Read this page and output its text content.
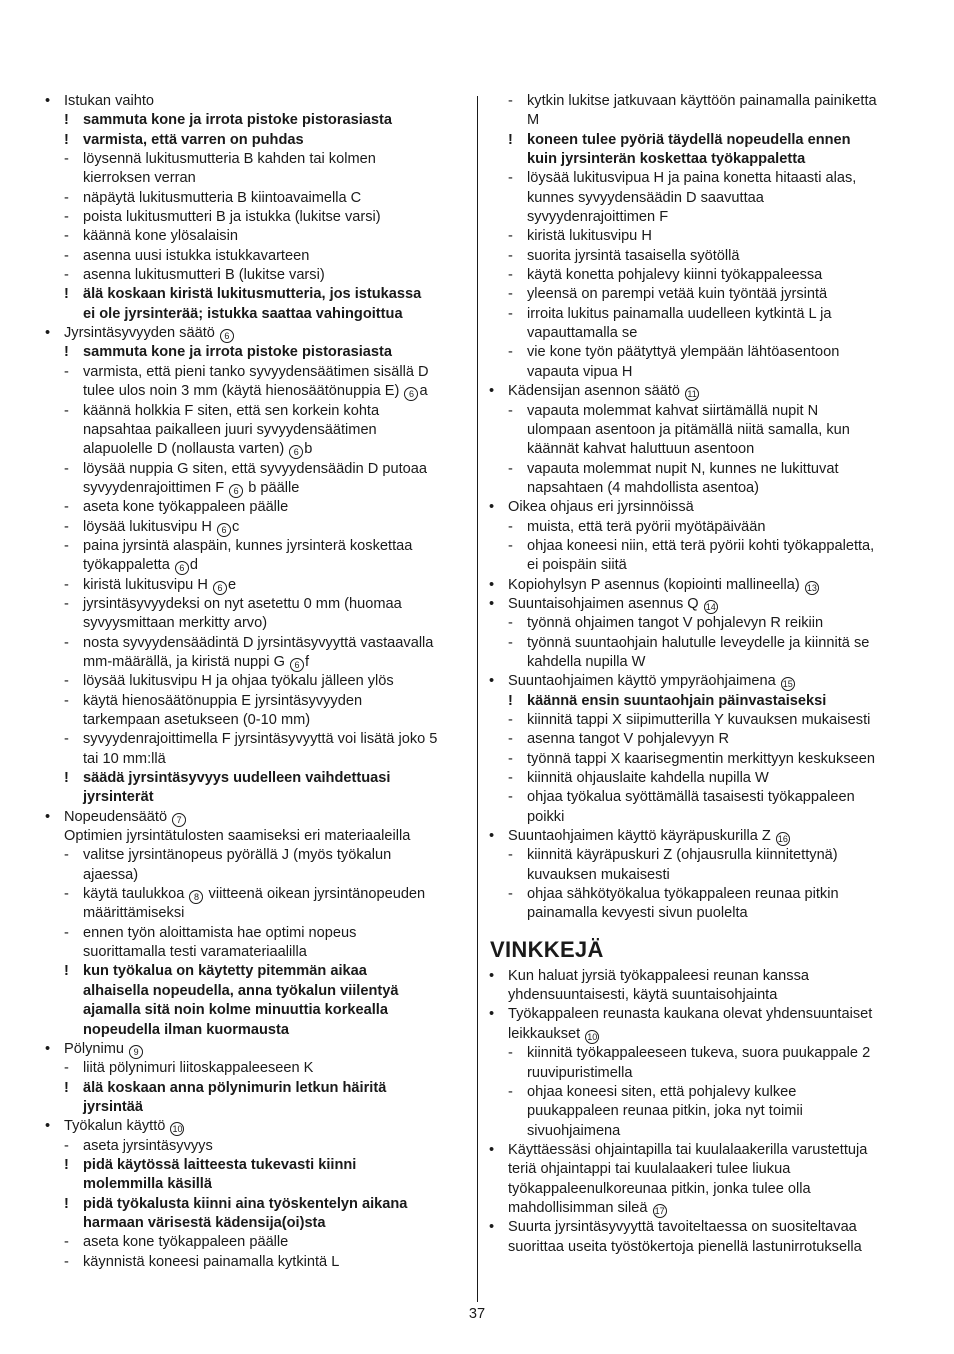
• Istukan vaihto
! sammuta kone ja irrota pistoke pistorasiasta
! varmista, että varren on puhdas
- löysennä lukitusmutteria B kahden tai kolmen
kierroksen verran
- näpäytä lukitusmutteria B kiintoavaimella C
- poista lukitusmutteri B ja istukka (lukitse varsi)
- käännä kone ylösalaisin
- asenna uusi istukka istukkavarteen
- asenna lukitusmutteri B (lukitse varsi)
! älä koskaan kiristä lukitusmutteria, jos istukassa
ei ole jyrsinterää; istukka saattaa vahingoittua
• Jyrsintäsyvyyden säätö 6
! sammuta kone ja irrota pistoke pistorasiasta
- varmista, että pieni tanko syvyydensäätimen sisällä D
tulee ulos noin 3 mm (käytä hienosäätönuppia E) 6 a
- käännä holkkia F siten, että sen korkein kohta
napsahtaa paikalleen juuri syvyydensäätimen
alapuolelle D (nollausta varten) 6 b
- löysää nuppia G siten, että syvyydensäädin D putoaa
syvyydenrajoittimen F 6 b päälle
- aseta kone työkappaleen päälle
- löysää lukitusvipu H 6 c
- paina jyrsintä alaspäin, kunnes jyrsinterä koskettaa
työkappaletta 6 d
- kiristä lukitusvipu H 6 e
- jyrsintäsyvyydeksi on nyt asetettu 0 mm (huomaa
syvyysmittaan merkitty arvo)
- nosta syvyydensäädintä D jyrsintäsyvyyttä vastaavalla
mm-määrällä, ja kiristä nuppi G 6 f
- löysää lukitusvipu H ja ohjaa työkalu jälleen ylös
- käytä hienosäätönuppia E jyrsintäsyvyyden
tarkempaan asetukseen (0-10 mm)
- syvyydenrajoittimella F jyrsintäsyvyyttä voi lisätä joko 5
tai 10 mm:llä
! säädä jyrsintäsyvyys uudelleen vaihdettuasi
jyrsinterät
• Nopeudensäätö 7
Optimien jyrsintätulosten saamiseksi eri materiaaleilla
- valitse jyrsintänopeus pyörällä J (myös työkalun
ajaessa)
- käytä taulukkoa 8 viitteenä oikean jyrsintänopeuden
määrittämiseksi
- ennen työn aloittamista hae optimi nopeus
suorittamalla testi varamateriaalilla
! kun työkalua on käytetty pitemmän aikaa
alhaisella nopeudella, anna työkalun viilentyä
ajamalla sitä noin kolme minuuttia korkealla
nopeudella ilman kuormausta
• Pölynimu 9
- liitä pölynimuri liitoskappaleeseen K
! älä koskaan anna pölynimurin letkun häiritä
jyrsintää
• Työkalun käyttö 10
- aseta jyrsintäsyvyys
! pidä käytössä laitteesta tukevasti kiinni
molemmilla käsillä
! pidä työkalusta kiinni aina työskentelyn aikana
harmaan värisestä kädensija(oi)sta
- aseta kone työkappaleen päälle
- käynnistä koneesi painamalla kytkintä L
- kytkin lukitse jatkuvaan käyttöön painamalla painiketta
M
! koneen tulee pyöriä täydellä nopeudella ennen
kuin jyrsinterän koskettaa työkappaletta
- löysää lukitusvipua H ja paina konetta hitaasti alas,
kunnes syvyydensäädin D saavuttaa
syvyydenrajoittimen F
- kiristä lukitusvipu H
- suorita jyrsintä tasaisella syötöllä
- käytä konetta pohjalevy kiinni työkappaleessa
- yleensä on parempi vetää kuin työntää jyrsintä
- irroita lukitus painamalla uudelleen kytkintä L ja
vapauttamalla se
- vie kone työn päätyttyä ylempään lähtöasentoon
vapauta vipua H
• Kädensijan asennon säätö 11
- vapauta molemmat kahvat siirtämällä nupit N
ulompaan asentoon ja pitämällä niitä samalla, kun
käännät kahvat haluttuun asentoon
- vapauta molemmat nupit N, kunnes ne lukittuvat
napsahtaen (4 mahdollista asentoa)
• Oikea ohjaus eri jyrsinnöissä
- muista, että terä pyörii myötäpäivään
- ohjaa koneesi niin, että terä pyörii kohti työkappaletta,
ei poispäin siitä
• Kopiohylsyn P asennus (kopiointi mallineella) 13
• Suuntaisohjaimen asennus Q 14
- työnnä ohjaimen tangot V pohjalevyn R reikiin
- työnnä suuntaohjain halutulle leveydelle ja kiinnitä se
kahdella nupilla W
• Suuntaohjaimen käyttö ympyräohjaimena 15
! käännä ensin suuntaohjain päinvastaiseksi
- kiinnitä tappi X siipimutterilla Y kuvauksen mukaisesti
- asenna tangot V pohjalevyyn R
- työnnä tappi X kaarisegmentin merkittyyn keskukseen
- kiinnitä ohjauslaite kahdella nupilla W
- ohjaa työkalua syöttämällä tasaisesti työkappaleen
poikki
• Suuntaohjaimen käyttö käyräpuskurilla Z 16
- kiinnitä käyräpuskuri Z (ohjausrulla kiinnitettynä)
kuvauksen mukaisesti
- ohjaa sähkötyökalua työkappaleen reunaa pitkin
painamalla kevyesti sivun puolelta
VINKKEJÄ
• Kun haluat jyrsiä työkappaleesi reunan kanssa
yhdensuuntaisesti, käytä suuntaisohjainta
• Työkappaleen reunasta kaukana olevat yhdensuuntaiset
leikkaukset 10
- kiinnitä työkappaleeseen tukeva, suora puukappale 2
ruuvipuristimella
- ohjaa koneesi siten, että pohjalevy kulkee
puukappaleen reunaa pitkin, joka nyt toimii
sivuohjaimena
• Käyttäessäsi ohjaintapilla tai kuulalaakerilla varustettuja
teriä ohjaintappi tai kuulalaakeri tulee liukua
työkappaleenulkoreunaa pitkin, jonka tulee olla
mahdollisimman sileä 17
• Suurta jyrsintäsyvyyttä tavoiteltaessa on suositeltavaa
suorittaa useita työstökertoja pienellä lastunirrotuksella
37
